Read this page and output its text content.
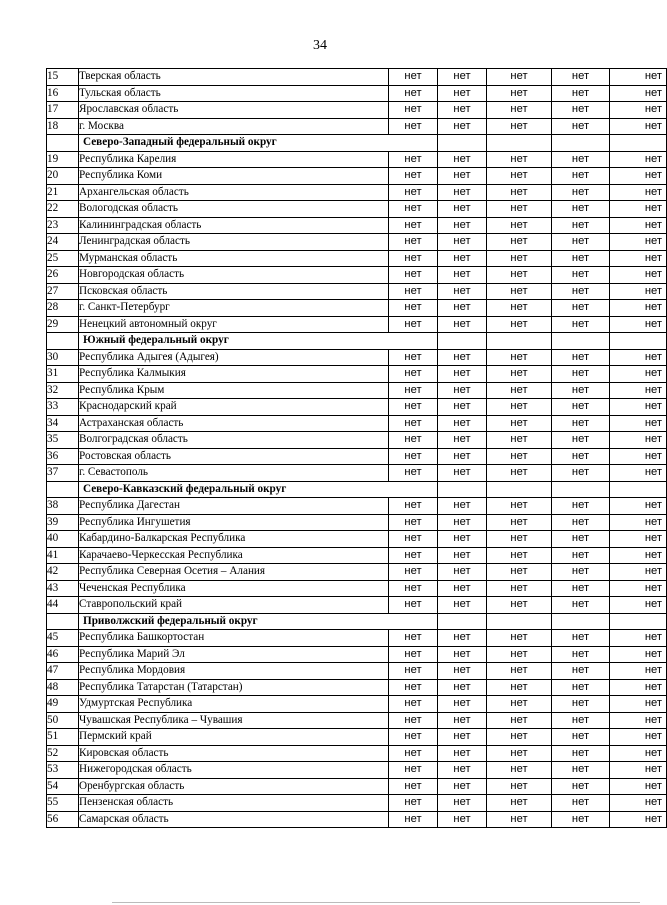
34
15	Тверская область	нет	нет	нет	нет	нет
16	Тульская область	нет	нет	нет	нет	нет
17	Ярославская область	нет	нет	нет	нет	нет
18	г. Москва	нет	нет	нет	нет	нет
	Северо-Западный федеральный округ					
19	Республика Карелия	нет	нет	нет	нет	нет
20	Республика Коми	нет	нет	нет	нет	нет
21	Архангельская область	нет	нет	нет	нет	нет
22	Вологодская область	нет	нет	нет	нет	нет
23	Калининградская область	нет	нет	нет	нет	нет
24	Ленинградская область	нет	нет	нет	нет	нет
25	Мурманская область	нет	нет	нет	нет	нет
26	Новгородская область	нет	нет	нет	нет	нет
27	Псковская область	нет	нет	нет	нет	нет
28	г. Санкт-Петербург	нет	нет	нет	нет	нет
29	Ненецкий автономный округ	нет	нет	нет	нет	нет
	Южный федеральный округ					
30	Республика Адыгея (Адыгея)	нет	нет	нет	нет	нет
31	Республика Калмыкия	нет	нет	нет	нет	нет
32	Республика Крым	нет	нет	нет	нет	нет
33	Краснодарский край	нет	нет	нет	нет	нет
34	Астраханская область	нет	нет	нет	нет	нет
35	Волгоградская область	нет	нет	нет	нет	нет
36	Ростовская область	нет	нет	нет	нет	нет
37	г. Севастополь	нет	нет	нет	нет	нет
	Северо-Кавказский федеральный округ					
38	Республика Дагестан	нет	нет	нет	нет	нет
39	Республика Ингушетия	нет	нет	нет	нет	нет
40	Кабардино-Балкарская Республика	нет	нет	нет	нет	нет
41	Карачаево-Черкесская Республика	нет	нет	нет	нет	нет
42	Республика Северная Осетия – Алания	нет	нет	нет	нет	нет
43	Чеченская Республика	нет	нет	нет	нет	нет
44	Ставропольский край	нет	нет	нет	нет	нет
	Приволжский федеральный округ					
45	Республика Башкортостан	нет	нет	нет	нет	нет
46	Республика Марий Эл	нет	нет	нет	нет	нет
47	Республика Мордовия	нет	нет	нет	нет	нет
48	Республика Татарстан (Татарстан)	нет	нет	нет	нет	нет
49	Удмуртская Республика	нет	нет	нет	нет	нет
50	Чувашская Республика – Чувашия	нет	нет	нет	нет	нет
51	Пермский край	нет	нет	нет	нет	нет
52	Кировская область	нет	нет	нет	нет	нет
53	Нижегородская область	нет	нет	нет	нет	нет
54	Оренбургская область	нет	нет	нет	нет	нет
55	Пензенская область	нет	нет	нет	нет	нет
56	Самарская область	нет	нет	нет	нет	нет
